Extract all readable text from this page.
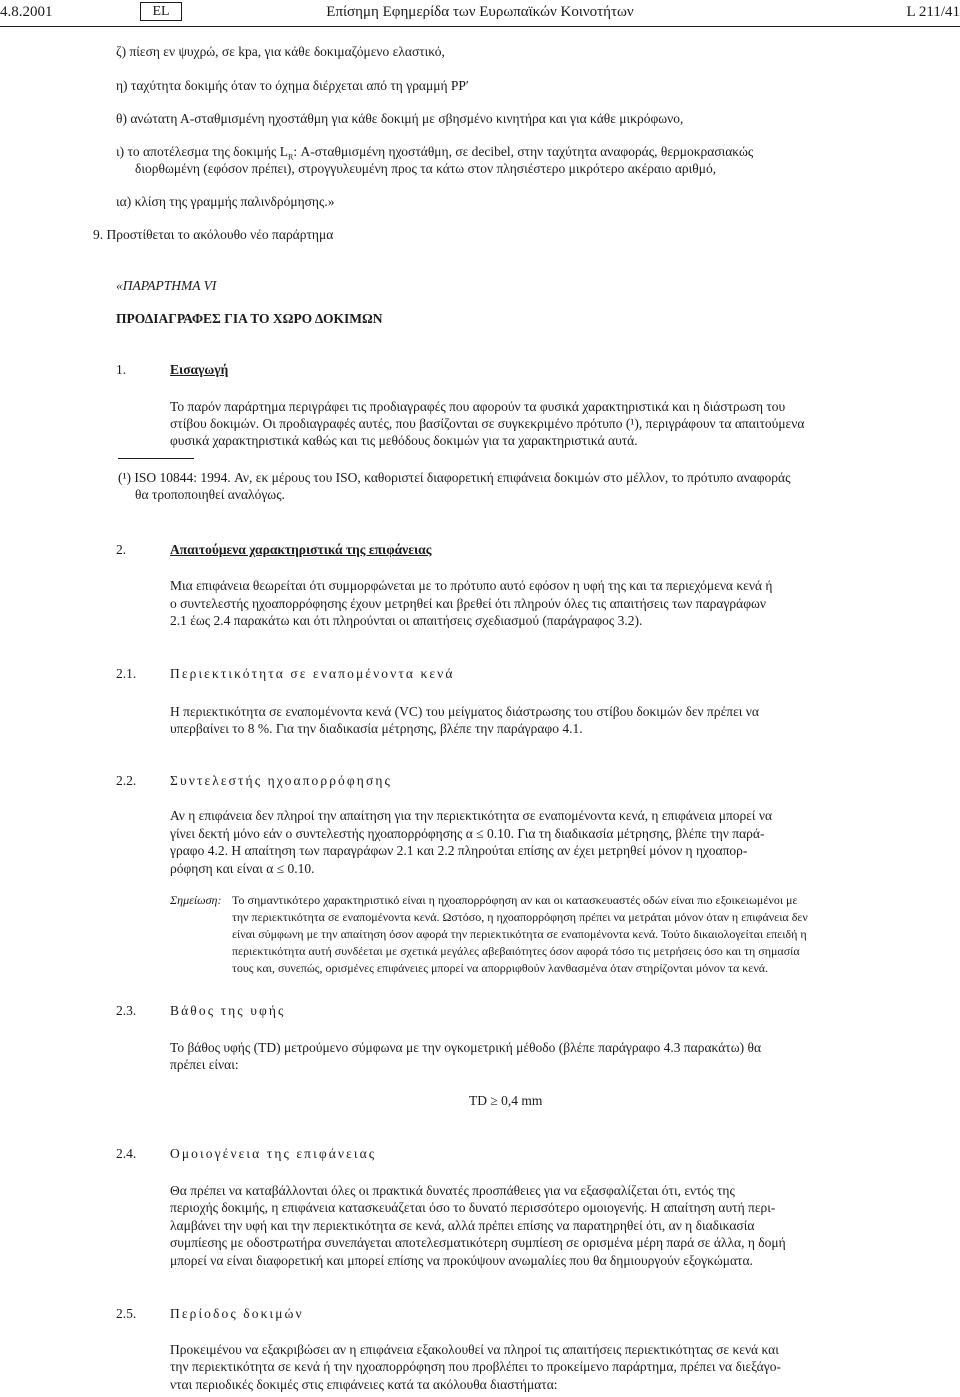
4.8.2001	EL	Επίσημη Εφημερίδα των Ευρωπαϊκών Κοινοτήτων	L 211/41
ζ) πίεση εν ψυχρώ, σε kpa, για κάθε δοκιμαζόμενο ελαστικό,
η) ταχύτητα δοκιμής όταν το όχημα διέρχεται από τη γραμμή PP′
θ) ανώτατη Α-σταθμισμένη ηχοστάθμη για κάθε δοκιμή με σβησμένο κινητήρα και για κάθε μικρόφωνο,
ι) το αποτέλεσμα της δοκιμής $L_R$: Α-σταθμισμένη ηχοστάθμη, σε decibel, στην ταχύτητα αναφοράς, θερμοκρασιακώς
διορθωμένη (εφόσον πρέπει), στρογγυλευμένη προς τα κάτω στον πλησιέστερο μικρότερο ακέραιο αριθμό,
ια) κλίση της γραμμής παλινδρόμησης.»
9. Προστίθεται το ακόλουθο νέο παράρτημα
«ΠΑΡΑΡΤΗΜΑ VI
ΠΡΟΔΙΑΓΡΑΦΕΣ ΓΙΑ ΤΟ ΧΩΡΟ ΔΟΚΙΜΩΝ
1.	Εισαγωγή
Το παρόν παράρτημα περιγράφει τις προδιαγραφές που αφορούν τα φυσικά χαρακτηριστικά και η διάστρωση του
στίβου δοκιμών. Οι προδιαγραφές αυτές, που βασίζονται σε συγκεκριμένο πρότυπο (¹), περιγράφουν τα απαιτούμενα
φυσικά χαρακτηριστικά καθώς και τις μεθόδους δοκιμών για τα χαρακτηριστικά αυτά.
(¹) ISO 10844: 1994. Αν, εκ μέρους του ISO, καθοριστεί διαφορετική επιφάνεια δοκιμών στο μέλλον, το πρότυπο αναφοράς
θα τροποποιηθεί αναλόγως.
2.	Απαιτούμενα χαρακτηριστικά της επιφάνειας
Μια επιφάνεια θεωρείται ότι συμμορφώνεται με το πρότυπο αυτό εφόσον η υφή της και τα περιεχόμενα κενά ή
ο συντελεστής ηχοαπορρόφησης έχουν μετρηθεί και βρεθεί ότι πληρούν όλες τις απαιτήσεις των παραγράφων
2.1 έως 2.4 παρακάτω και ότι πληρούνται οι απαιτήσεις σχεδιασμού (παράγραφος 3.2).
2.1.	Περιεκτικότητα σε εναπομένοντα κενά
Η περιεκτικότητα σε εναπομένοντα κενά (VC) του μείγματος διάστρωσης του στίβου δοκιμών δεν πρέπει να
υπερβαίνει το 8 %. Για την διαδικασία μέτρησης, βλέπε την παράγραφο 4.1.
2.2.	Συντελεστής ηχοαπορρόφησης
Αν η επιφάνεια δεν πληροί την απαίτηση για την περιεκτικότητα σε εναπομένοντα κενά, η επιφάνεια μπορεί να
γίνει δεκτή μόνο εάν ο συντελεστής ηχοαπορρόφησης α ≤ 0.10. Για τη διαδικασία μέτρησης, βλέπε την παρά-
γραφο 4.2. Η απαίτηση των παραγράφων 2.1 και 2.2 πληρούται επίσης αν έχει μετρηθεί μόνον η ηχοαπορ-
ρόφηση και είναι α ≤ 0.10.
Σημείωση: Το σημαντικότερο χαρακτηριστικό είναι η ηχοαπορρόφηση αν και οι κατασκευαστές οδών είναι πιο εξοικειωμένοι με
την περιεκτικότητα σε εναπομένοντα κενά. Ωστόσο, η ηχοαπορρόφηση πρέπει να μετράται μόνον όταν η επιφάνεια δεν
είναι σύμφωνη με την απαίτηση όσον αφορά την περιεκτικότητα σε εναπομένοντα κενά. Τούτο δικαιολογείται επειδή η
περιεκτικότητα αυτή συνδέεται με σχετικά μεγάλες αβεβαιότητες όσον αφορά τόσο τις μετρήσεις όσο και τη σημασία
τους και, συνεπώς, ορισμένες επιφάνειες μπορεί να απορριφθούν λανθασμένα όταν στηρίζονται μόνον τα κενά.
2.3.	Βάθος της υφής
Το βάθος υφής (TD) μετρούμενο σύμφωνα με την ογκομετρική μέθοδο (βλέπε παράγραφο 4.3 παρακάτω) θα
πρέπει είναι:
TD ≥ 0,4 mm
2.4.	Ομοιογένεια της επιφάνειας
Θα πρέπει να καταβάλλονται όλες οι πρακτικά δυνατές προσπάθειες για να εξασφαλίζεται ότι, εντός της
περιοχής δοκιμής, η επιφάνεια κατασκευάζεται όσο το δυνατό περισσότερο ομοιογενής. Η απαίτηση αυτή περι-
λαμβάνει την υφή και την περιεκτικότητα σε κενά, αλλά πρέπει επίσης να παρατηρηθεί ότι, αν η διαδικασία
συμπίεσης με οδοστρωτήρα συνεπάγεται αποτελεσματικότερη συμπίεση σε ορισμένα μέρη παρά σε άλλα, η δομή
μπορεί να είναι διαφορετική και μπορεί επίσης να προκύψουν ανωμαλίες που θα δημιουργούν εξογκώματα.
2.5.	Περίοδος δοκιμών
Προκειμένου να εξακριβώσει αν η επιφάνεια εξακολουθεί να πληροί τις απαιτήσεις περιεκτικότητας σε κενά και
την περιεκτικότητα σε κενά ή την ηχοαπορρόφηση που προβλέπει το προκείμενο παράρτημα, πρέπει να διεξάγο-
νται περιοδικές δοκιμές στις επιφάνειες κατά τα ακόλουθα διαστήματα:
